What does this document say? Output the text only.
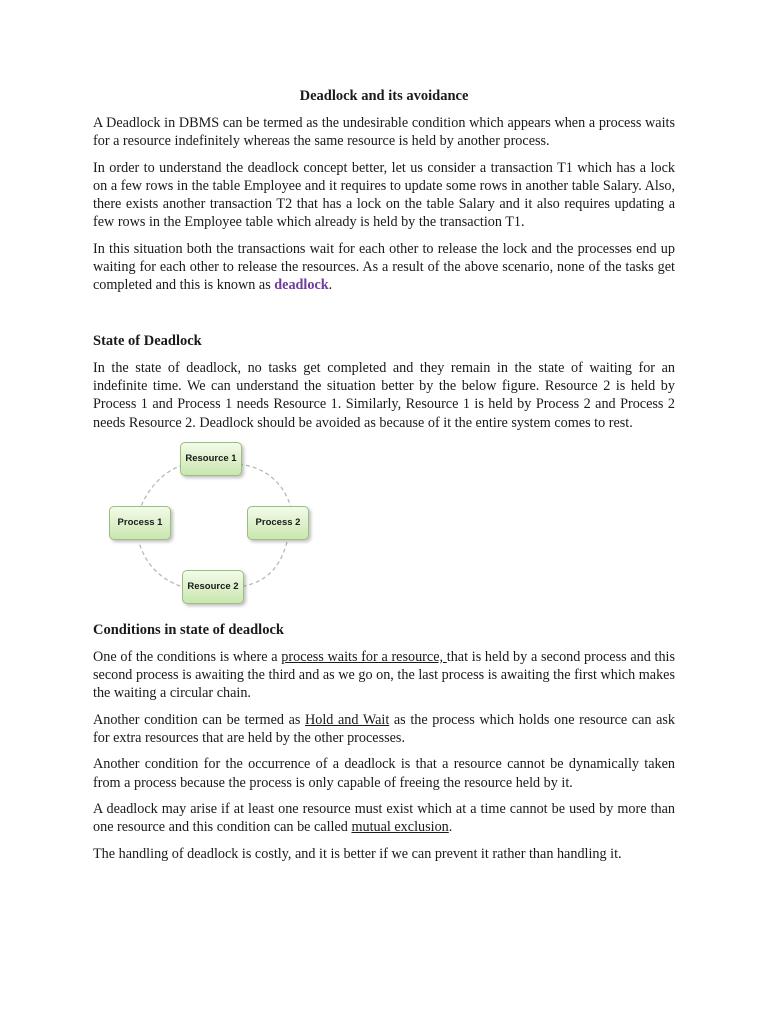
Deadlock and its avoidance

A Deadlock in DBMS can be termed as the undesirable condition which appears when a process waits for a resource indefinitely whereas the same resource is held by another process.

In order to understand the deadlock concept better, let us consider a transaction T1 which has a lock on a few rows in the table Employee and it requires to update some rows in another table Salary. Also, there exists another transaction T2 that has a lock on the table Salary and it also requires updating a few rows in the Employee table which already is held by the transaction T1.

In this situation both the transactions wait for each other to release the lock and the processes end up waiting for each other to release the resources. As a result of the above scenario, none of the tasks get completed and this is known as deadlock.

State of Deadlock

In the state of deadlock, no tasks get completed and they remain in the state of waiting for an indefinite time. We can understand the situation better by the below figure. Resource 2 is held by Process 1 and Process 1 needs Resource 1. Similarly, Resource 1 is held by Process 2 and Process 2 needs Resource 2. Deadlock should be avoided as because of it the entire system comes to rest.

Resource 1
Process 1	Process 2
Resource 2
Conditions in state of deadlock

One of the conditions is where a process waits for a resource, that is held by a second process and this second process is awaiting the third and as we go on, the last process is awaiting the first which makes the waiting a circular chain.

Another condition can be termed as Hold and Wait as the process which holds one resource can ask for extra resources that are held by the other processes.

Another condition for the occurrence of a deadlock is that a resource cannot be dynamically taken from a process because the process is only capable of freeing the resource held by it.

A deadlock may arise if at least one resource must exist which at a time cannot be used by more than one resource and this condition can be called mutual exclusion.

The handling of deadlock is costly, and it is better if we can prevent it rather than handling it.
